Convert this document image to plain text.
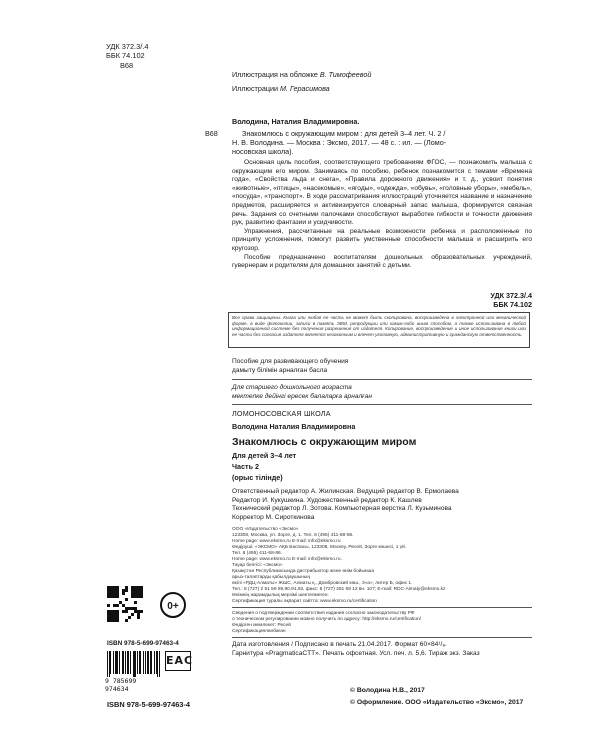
УДК 372.3/.4
ББК 74.102
В68
Иллюстрация на обложке В. Тимофеевой
Иллюстрации М. Герасимова
Володина, Наталия Владимировна.
В68	Знакомлюсь с окружающим миром : для детей 3–4 лет. Ч. 2 /
Н. В. Володина. — Москва : Эксмо, 2017. — 48 с. : ил. — (Ломо-
носовская школа).

Основная цель пособия, соответствующего требованиям ФГОС, — познакомить малыша с окружающим его миром. Занимаясь по пособию, ребенок познакомится с темами «Времена года», «Свойства льда и снега», «Правила дорожного движения» и т. д., усвоит понятия «животные», «птицы», «насекомые», «ягоды», «одежда», «обувь», «головные уборы», «мебель», «посуда», «транспорт». В ходе рассматривания иллюстраций уточняется название и назначение предметов, расширяется и активизируется словарный запас малыша, формируется связная речь. Задания со счетными палочками способствуют выработке гибкости и точности движения рук, развитию фантазии и усидчивости.

Упражнения, рассчитанные на реальные возможности ребенка и расположенные по принципу усложнения, помогут развить умственные способности малыша и расширить его кругозор.

Пособие предназначено воспитателям дошкольных образовательных учреждений, гувернерам и родителям для домашних занятий с детьми.

УДК 372.3/.4
ББК 74.102
Все права защищены. Книга или любая ее часть не может быть скопирована, воспроизведена в электронной или механической форме, в виде фотокопии, записи в память ЭВМ, репродукции или каким-либо иным способом, а также использована в любой информационной системе без получения разрешения от издателя. Копирование, воспроизведение и иное использование книги или ее части без согласия издателя является незаконным и влечет уголовную, административную и гражданскую ответственность.
Пособие для развивающего обучения
дамыту білімін арналған басла
Для старшего дошкольного возраста
мектепке дейінгі ересек балаларға арналған
ЛОМОНОСОВСКАЯ ШКОЛА
Володина Наталия Владимировна
Знакомлюсь с окружающим миром
Для детей 3–4 лет
Часть 2
(орыс тілінде)
Ответственный редактор А. Жилинская. Ведущий редактор В. Ермолаева
Редактор И. Кукушкина. Художественный редактор К. Кашлев
Технический редактор Л. Зотова. Компьютерная верстка Л. Кузьминова
Корректор М. Сироткинова
ООО «Издательство «Эксмо»
123308, Москва, ул. Зорге, д. 1. Тел. 8 (495) 411-68-86.
Home page: www.eksmo.ru E-mail: info@eksmo.ru
Өндіруші: «ЭКСМО» АҚБ Баспасы, 123308, Мәскеу, Ресей, Зорге көшесі, 1 үй.
Тел. 8 (495) 411-68-86.
Home page: www.eksmo.ru E-mail: info@eksmo.ru.
Тауар белгісі: «Эксмо»
Қазақстан Республикасында дистрибьютор және өнім бойынша
арыз-талаптарды қабылдаушының
өкілі «РДЦ-Алматы» ЖШС, Алматы қ., Домбровский көш., 3«а», литер Б, офис 1.
Тел.: 8 (727) 2 51 59 89,90,91,92, факс: 8 (727) 251 58 12 вн. 107; E-mail: RDC-Almaty@eksmo.kz
Өнімнің жарамдылық мерзімі шектелмеген.
Сертификация туралы ақпарат сайтта: www.eksmo.ru/certification
Сведения о подтверждении соответствия издания согласно законодательству РФ
о техническом регулировании можно получить по адресу: http://eksmo.ru/certification/
Өндірген мемлекет: Ресей
Сертификацияланбаған
Дата изготовления / Подписано в печать 21.04.2017. Формат 60×84¹/₈.
Гарнитура «PragmaticaCTT». Печать офсетная. Усл. печ. л. 5,6. Тираж экз. Заказ
0+
ISBN 978-5-699-97463-4
EAC
9 785699 974634
ISBN 978-5-699-97463-4
© Володина Н.В., 2017
© Оформление. ООО «Издательство «Эксмо», 2017
